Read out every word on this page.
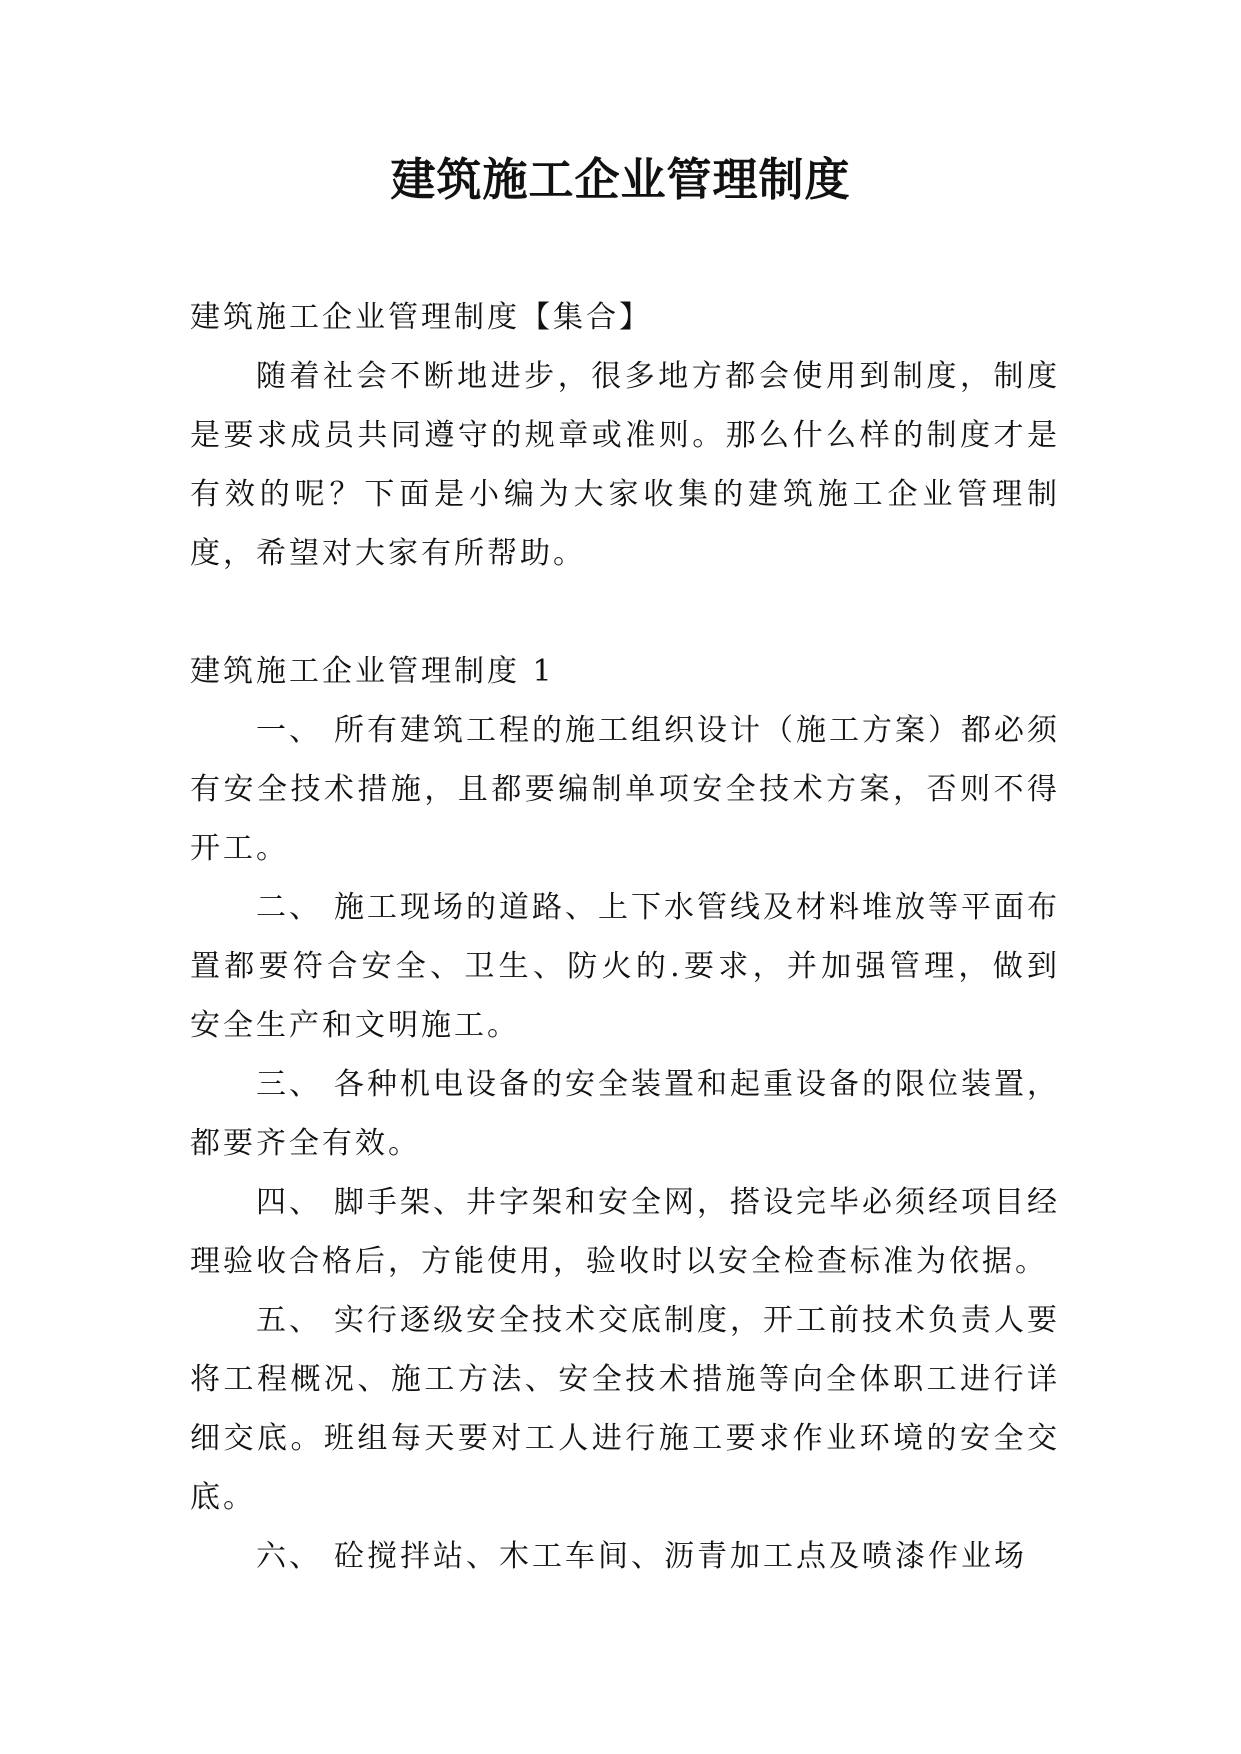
建筑施工企业管理制度

建筑施工企业管理制度【集合】

随着社会不断地进步，很多地方都会使用到制度，制度是要求成员共同遵守的规章或准则。那么什么样的制度才是有效的呢？下面是小编为大家收集的建筑施工企业管理制度，希望对大家有所帮助。

建筑施工企业管理制度 1

一、 所有建筑工程的施工组织设计（施工方案）都必须有安全技术措施，且都要编制单项安全技术方案，否则不得开工。

二、 施工现场的道路、上下水管线及材料堆放等平面布置都要符合安全、卫生、防火的.要求，并加强管理，做到安全生产和文明施工。

三、 各种机电设备的安全装置和起重设备的限位装置，都要齐全有效。

四、 脚手架、井字架和安全网，搭设完毕必须经项目经理验收合格后，方能使用，验收时以安全检查标准为依据。

五、 实行逐级安全技术交底制度，开工前技术负责人要将工程概况、施工方法、安全技术措施等向全体职工进行详细交底。班组每天要对工人进行施工要求作业环境的安全交底。

六、 砼搅拌站、木工车间、沥青加工点及喷漆作业场
